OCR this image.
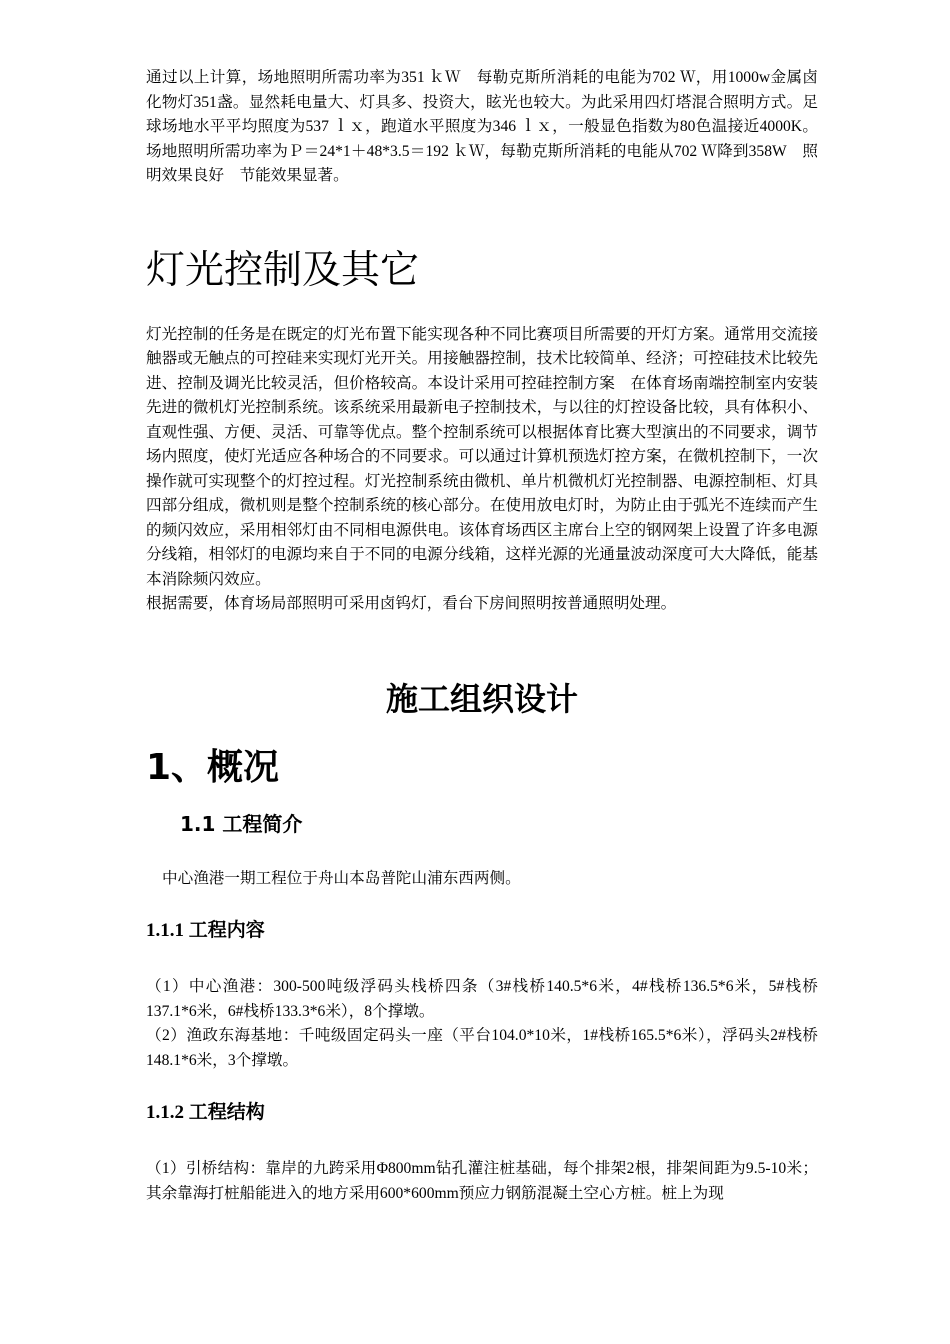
通过以上计算，场地照明所需功率为351 ｋＷ　每勒克斯所消耗的电能为702 Ｗ，用1000w金属卤化物灯351盏。显然耗电量大、灯具多、投资大，眩光也较大。为此采用四灯塔混合照明方式。足球场地水平平均照度为537 ｌｘ，跑道水平照度为346 ｌｘ，一般显色指数为80色温接近4000K。场地照明所需功率为Ｐ＝24*1＋48*3.5＝192 ｋＷ，每勒克斯所消耗的电能从702 Ｗ降到358W　照明效果良好　节能效果显著。

灯光控制及其它

灯光控制的任务是在既定的灯光布置下能实现各种不同比赛项目所需要的开灯方案。通常用交流接触器或无触点的可控硅来实现灯光开关。用接触器控制，技术比较简单、经济；可控硅技术比较先进、控制及调光比较灵活，但价格较高。本设计采用可控硅控制方案　在体育场南端控制室内安装先进的微机灯光控制系统。该系统采用最新电子控制技术，与以往的灯控设备比较，具有体积小、直观性强、方便、灵活、可靠等优点。整个控制系统可以根据体育比赛大型演出的不同要求，调节场内照度，使灯光适应各种场合的不同要求。可以通过计算机预选灯控方案，在微机控制下，一次操作就可实现整个的灯控过程。灯光控制系统由微机、单片机微机灯光控制器、电源控制柜、灯具四部分组成，微机则是整个控制系统的核心部分。在使用放电灯时，为防止由于弧光不连续而产生的频闪效应，采用相邻灯由不同相电源供电。该体育场西区主席台上空的钢网架上设置了许多电源分线箱，相邻灯的电源均来自于不同的电源分线箱，这样光源的光通量波动深度可大大降低，能基本消除频闪效应。

根据需要，体育场局部照明可采用卤钨灯，看台下房间照明按普通照明处理。

施工组织设计
1、概况
1.1 工程简介

中心渔港一期工程位于舟山本岛普陀山浦东西两侧。

1.1.1 工程内容

（1）中心渔港：300-500吨级浮码头栈桥四条（3#栈桥140.5*6米，4#栈桥136.5*6米，5#栈桥137.1*6米，6#栈桥133.3*6米），8个撑墩。

（2）渔政东海基地：千吨级固定码头一座（平台104.0*10米，1#栈桥165.5*6米），浮码头2#栈桥148.1*6米，3个撑墩。

1.1.2 工程结构

（1）引桥结构：靠岸的九跨采用Φ800mm钻孔灌注桩基础，每个排架2根，排架间距为9.5-10米；其余靠海打桩船能进入的地方采用600*600mm预应力钢筋混凝土空心方桩。桩上为现
